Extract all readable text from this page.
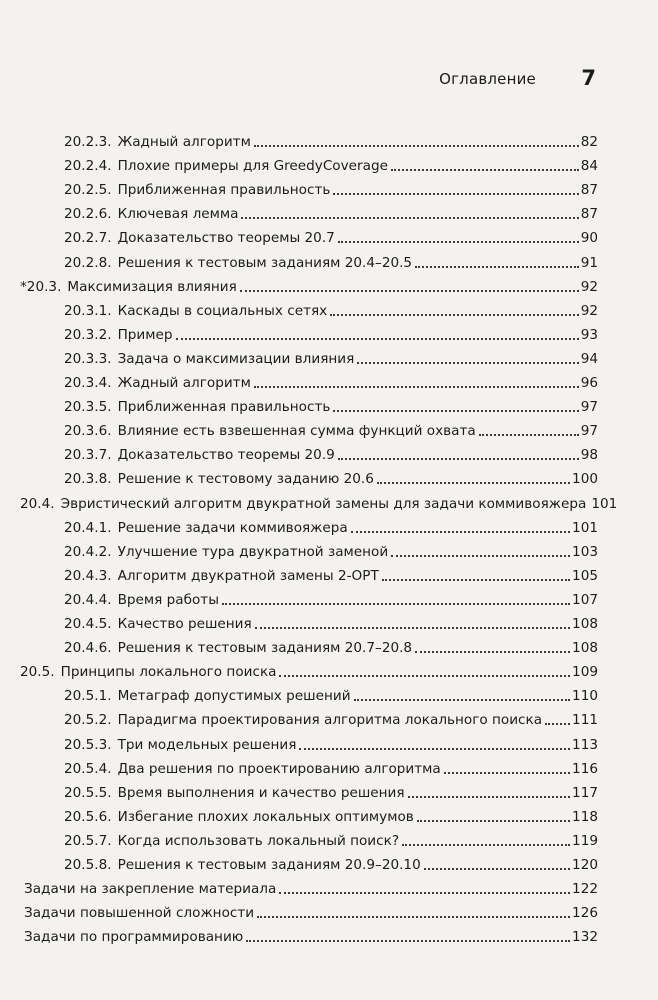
Оглавление 7
20.2.3. Жадный алгоритм	82
20.2.4. Плохие примеры для GreedyCoverage	84
20.2.5. Приближенная правильность	87
20.2.6. Ключевая лемма	87
20.2.7. Доказательство теоремы 20.7	90
20.2.8. Решения к тестовым заданиям 20.4–20.5	91
*20.3. Максимизация влияния	92
20.3.1. Каскады в социальных сетях	92
20.3.2. Пример	93
20.3.3. Задача о максимизации влияния	94
20.3.4. Жадный алгоритм	96
20.3.5. Приближенная правильность	97
20.3.6. Влияние есть взвешенная сумма функций охвата	97
20.3.7. Доказательство теоремы 20.9	98
20.3.8. Решение к тестовому заданию 20.6	100
20.4. Эвристический алгоритм двукратной замены для задачи коммивояжера 101
20.4.1. Решение задачи коммивояжера	101
20.4.2. Улучшение тура двукратной заменой	103
20.4.3. Алгоритм двукратной замены 2-OPT	105
20.4.4. Время работы	107
20.4.5. Качество решения	108
20.4.6. Решения к тестовым заданиям 20.7–20.8	108
20.5. Принципы локального поиска	109
20.5.1. Метаграф допустимых решений	110
20.5.2. Парадигма проектирования алгоритма локального поиска 111
20.5.3. Три модельных решения	113
20.5.4. Два решения по проектированию алгоритма	116
20.5.5. Время выполнения и качество решения	117
20.5.6. Избегание плохих локальных оптимумов	118
20.5.7. Когда использовать локальный поиск?	119
20.5.8. Решения к тестовым заданиям 20.9–20.10	120
Задачи на закрепление материала	122
Задачи повышенной сложности	126
Задачи по программированию	132
